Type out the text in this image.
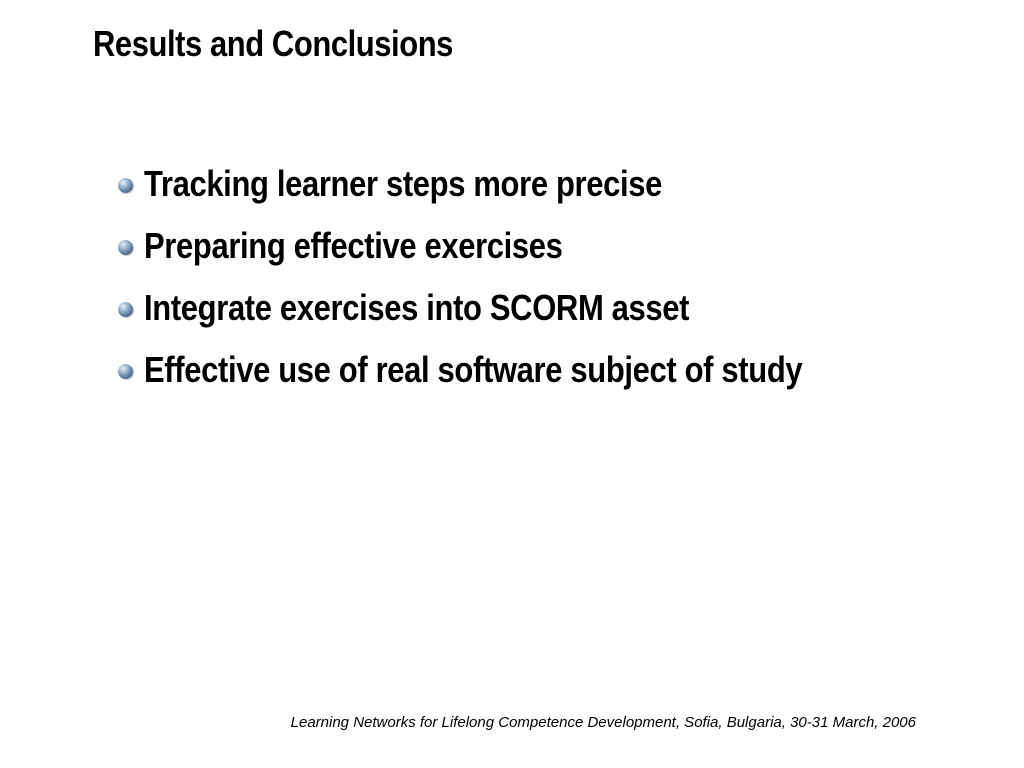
Results and Conclusions
Tracking learner steps more precise
Preparing effective exercises
Integrate exercises into SCORM asset
Effective use of real software subject of study
Learning Networks for Lifelong Competence Development, Sofia, Bulgaria, 30-31 March, 2006
